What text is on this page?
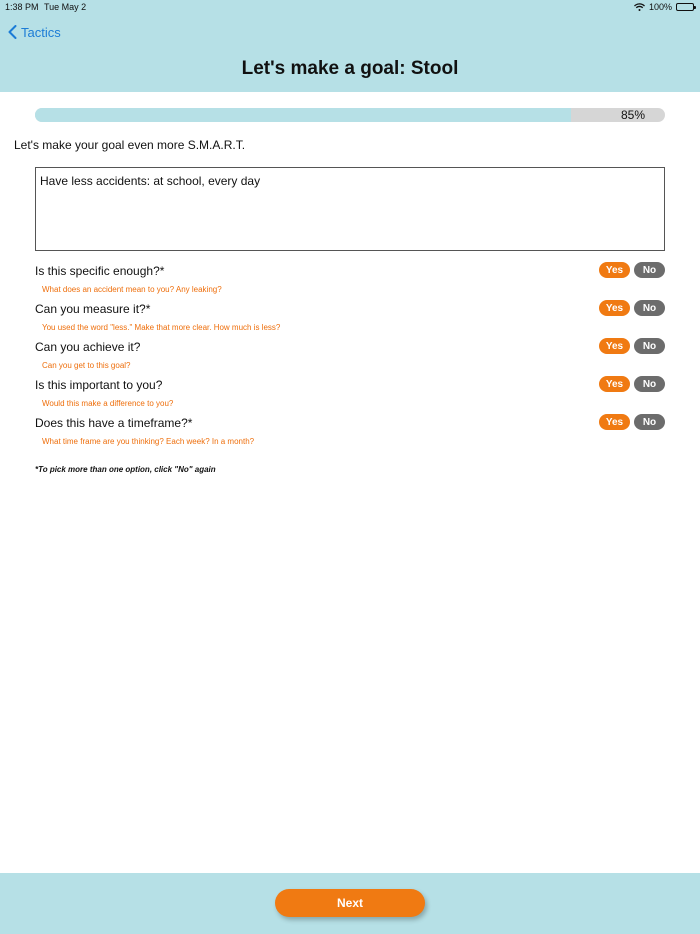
1:38 PM Tue May 2	100%
Tactics
Let's make a goal: Stool
85%
Let's make your goal even more S.M.A.R.T.
Have less accidents: at school, every day
Is this specific enough?*
What does an accident mean to you? Any leaking?
Yes	No
Can you measure it?*
You used the word "less." Make that more clear. How much is less?
Yes	No
Can you achieve it?
Can you get to this goal?
Yes	No
Is this important to you?
Would this make a difference to you?
Yes	No
Does this have a timeframe?*
What time frame are you thinking? Each week? In a month?
Yes	No
*To pick more than one option, click "No" again
Next
